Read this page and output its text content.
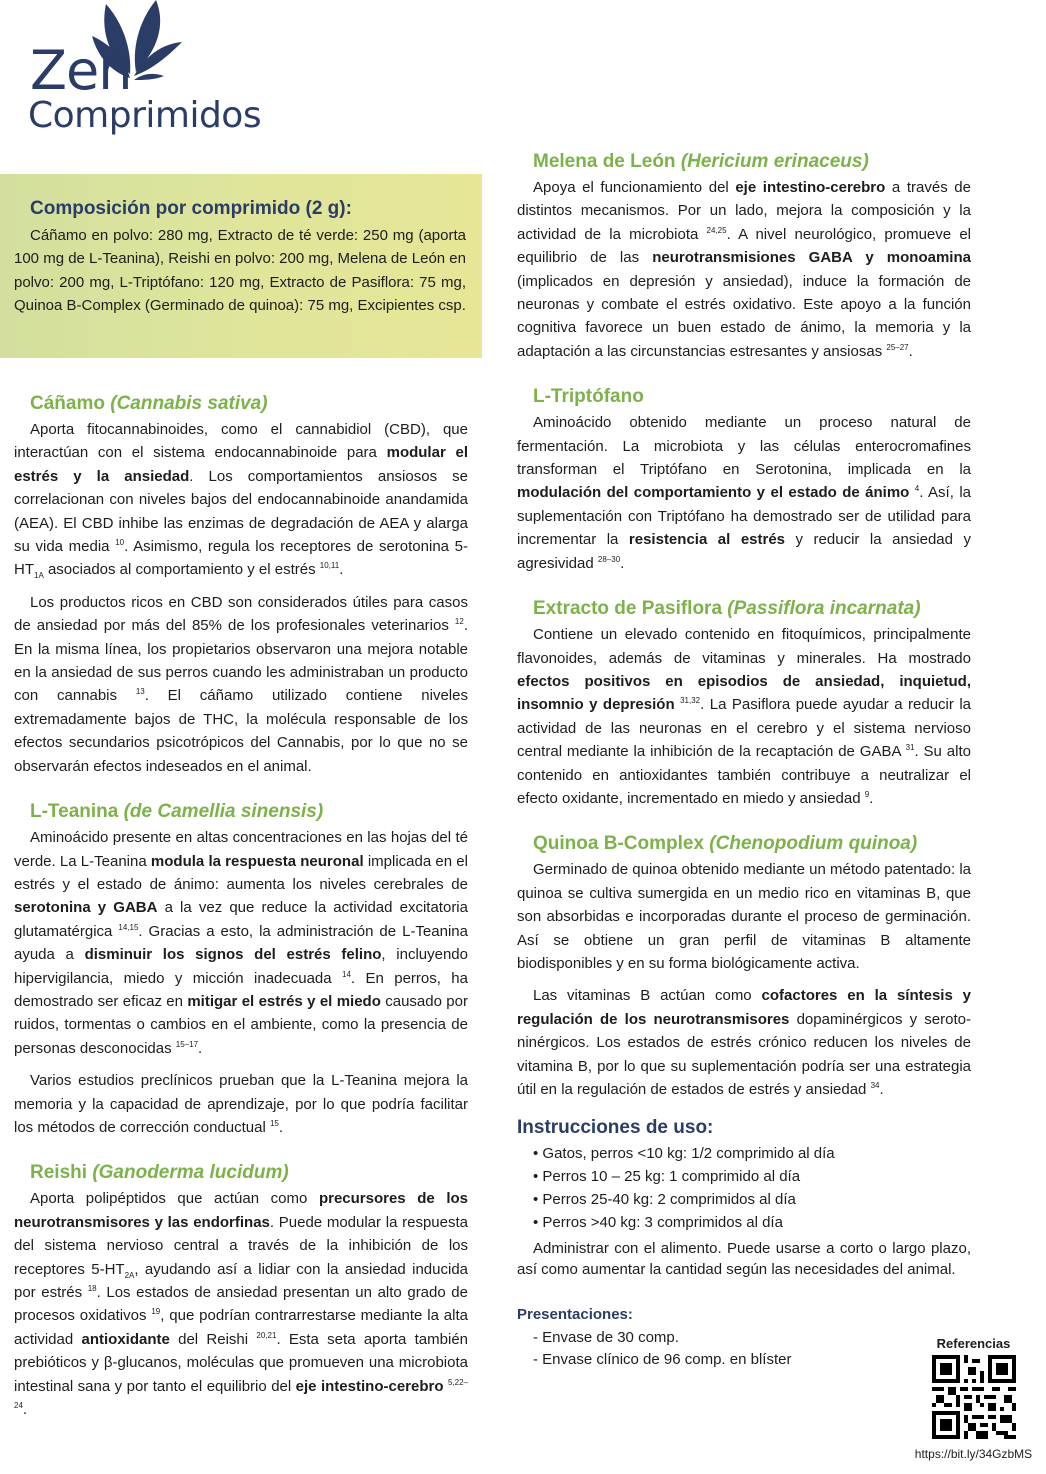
Zen
Comprimidos
Composición por comprimido (2 g):

Cáñamo en polvo: 280 mg, Extracto de té verde: 250 mg (aporta 100 mg de L-Teanina), Reishi en polvo: 200 mg, Melena de León en polvo: 200 mg, L-Triptófano: 120 mg, Extracto de Pasiflora: 75 mg, Quinoa B-Complex (Germinado de quinoa): 75 mg, Excipientes csp.

Cáñamo (Cannabis sativa)

Aporta fitocannabinoides, como el cannabidiol (CBD), que interactúan con el sistema endocannabinoide para modular el estrés y la ansiedad. Los comportamientos ansiosos se correlacionan con niveles bajos del endocannabinoide anandamida (AEA). El CBD inhibe las enzimas de degradación de AEA y alarga su vida media $^{10}$. Asimismo, regula los receptores de serotonina $5-HT_{1A}$ asociados al comportamiento y el estrés $^{10,11}$.

Los productos ricos en CBD son considerados útiles para casos de ansiedad por más del 85% de los profesionales veterinarios $^{12}$. En la misma línea, los propietarios observaron una mejora notable en la ansiedad de sus perros cuando les administraban un producto con cannabis $^{13}$. El cáñamo utilizado contiene niveles extremadamente bajos de THC, la molécula responsable de los efectos secundarios psicotrópicos del Cannabis, por lo que no se observarán efectos indeseados en el animal.

L-Teanina (de Camellia sinensis)

Aminoácido presente en altas concentraciones en las hojas del té verde. La L-Teanina modula la respuesta neuronal implicada en el estrés y el estado de ánimo: aumenta los niveles cerebrales de serotonina y GABA a la vez que reduce la actividad excitatoria glutamatérgica $^{14,15}$. Gracias a esto, la administración de L-Teanina ayuda a disminuir los signos del estrés felino, incluyendo hipervigilancia, miedo y micción inadecuada $^{14}$. En perros, ha demostrado ser eficaz en mitigar el estrés y el miedo causado por ruidos, tormentas o cambios en el ambiente, como la presencia de personas desconocidas $^{15-17}$.

Varios estudios preclínicos prueban que la L-Teanina mejora la memoria y la capacidad de aprendizaje, por lo que podría facilitar los métodos de corrección conductual $^{15}$.

Reishi (Ganoderma lucidum)

Aporta polipéptidos que actúan como precursores de los neurotransmisores y las endorfinas. Puede modular la respuesta del sistema nervioso central a través de la inhibición de los receptores $5-HT_{2A}$, ayudando así a lidiar con la ansiedad inducida por estrés $^{18}$. Los estados de ansiedad presentan un alto grado de procesos oxidativos $^{19}$, que podrían contrarrestarse mediante la alta actividad antioxidante del Reishi $^{20,21}$. Esta seta aporta también prebióticos y β-glucanos, moléculas que promueven una microbiota intestinal sana y por tanto el equilibrio del eje intestino-cerebro $^{5,22-24}$.

Melena de León (Hericium erinaceus)

Apoya el funcionamiento del eje intestino-cerebro a través de distintos mecanismos. Por un lado, mejora la composición y la actividad de la microbiota $^{24,25}$. A nivel neurológico, promueve el equilibrio de las neurotransmisiones GABA y monoamina (implicados en depresión y ansiedad), induce la formación de neuronas y combate el estrés oxidativo. Este apoyo a la función cognitiva favorece un buen estado de ánimo, la memoria y la adaptación a las circunstancias estresantes y ansiosas $^{25-27}$.

L-Triptófano

Aminoácido obtenido mediante un proceso natural de fermentación. La microbiota y las células enterocromafines transforman el Triptófano en Serotonina, implicada en la modulación del comportamiento y el estado de ánimo $^4$. Así, la suplementación con Triptófano ha demostrado ser de utilidad para incrementar la resistencia al estrés y reducir la ansiedad y agresividad $^{28-30}$.

Extracto de Pasiflora (Passiflora incarnata)

Contiene un elevado contenido en fitoquímicos, principalmente flavonoides, además de vitaminas y minerales. Ha mostrado efectos positivos en episodios de ansiedad, inquietud, insomnio y depresión $^{31,32}$. La Pasiflora puede ayudar a reducir la actividad de las neuronas en el cerebro y el sistema nervioso central mediante la inhibición de la recaptación de GABA $^{31}$. Su alto contenido en antioxidantes también contribuye a neutralizar el efecto oxidante, incrementado en miedo y ansiedad $^9$.

Quinoa B-Complex (Chenopodium quinoa)

Germinado de quinoa obtenido mediante un método patentado: la quinoa se cultiva sumergida en un medio rico en vitaminas B, que son absorbidas e incorporadas durante el proceso de germinación. Así se obtiene un gran perfil de vitaminas B altamente biodisponibles y en su forma biológicamente activa.

Las vitaminas B actúan como cofactores en la síntesis y regulación de los neurotransmisores dopaminérgicos y serotoninérgicos. Los estados de estrés crónico reducen los niveles de vitamina B, por lo que su suplementación podría ser una estrategia útil en la regulación de estados de estrés y ansiedad $^{34}$.

Instrucciones de uso:
• Gatos, perros <10 kg: 1/2 comprimido al día
• Perros 10 – 25 kg: 1 comprimido al día
• Perros 25-40 kg: 2 comprimidos al día
• Perros >40 kg: 3 comprimidos al día

Administrar con el alimento. Puede usarse a corto o largo plazo, así como aumentar la cantidad según las necesidades del animal.

Presentaciones:
- Envase de 30 comp.
- Envase clínico de 96 comp. en blíster
Referencias
https://bit.ly/34GzbMS
